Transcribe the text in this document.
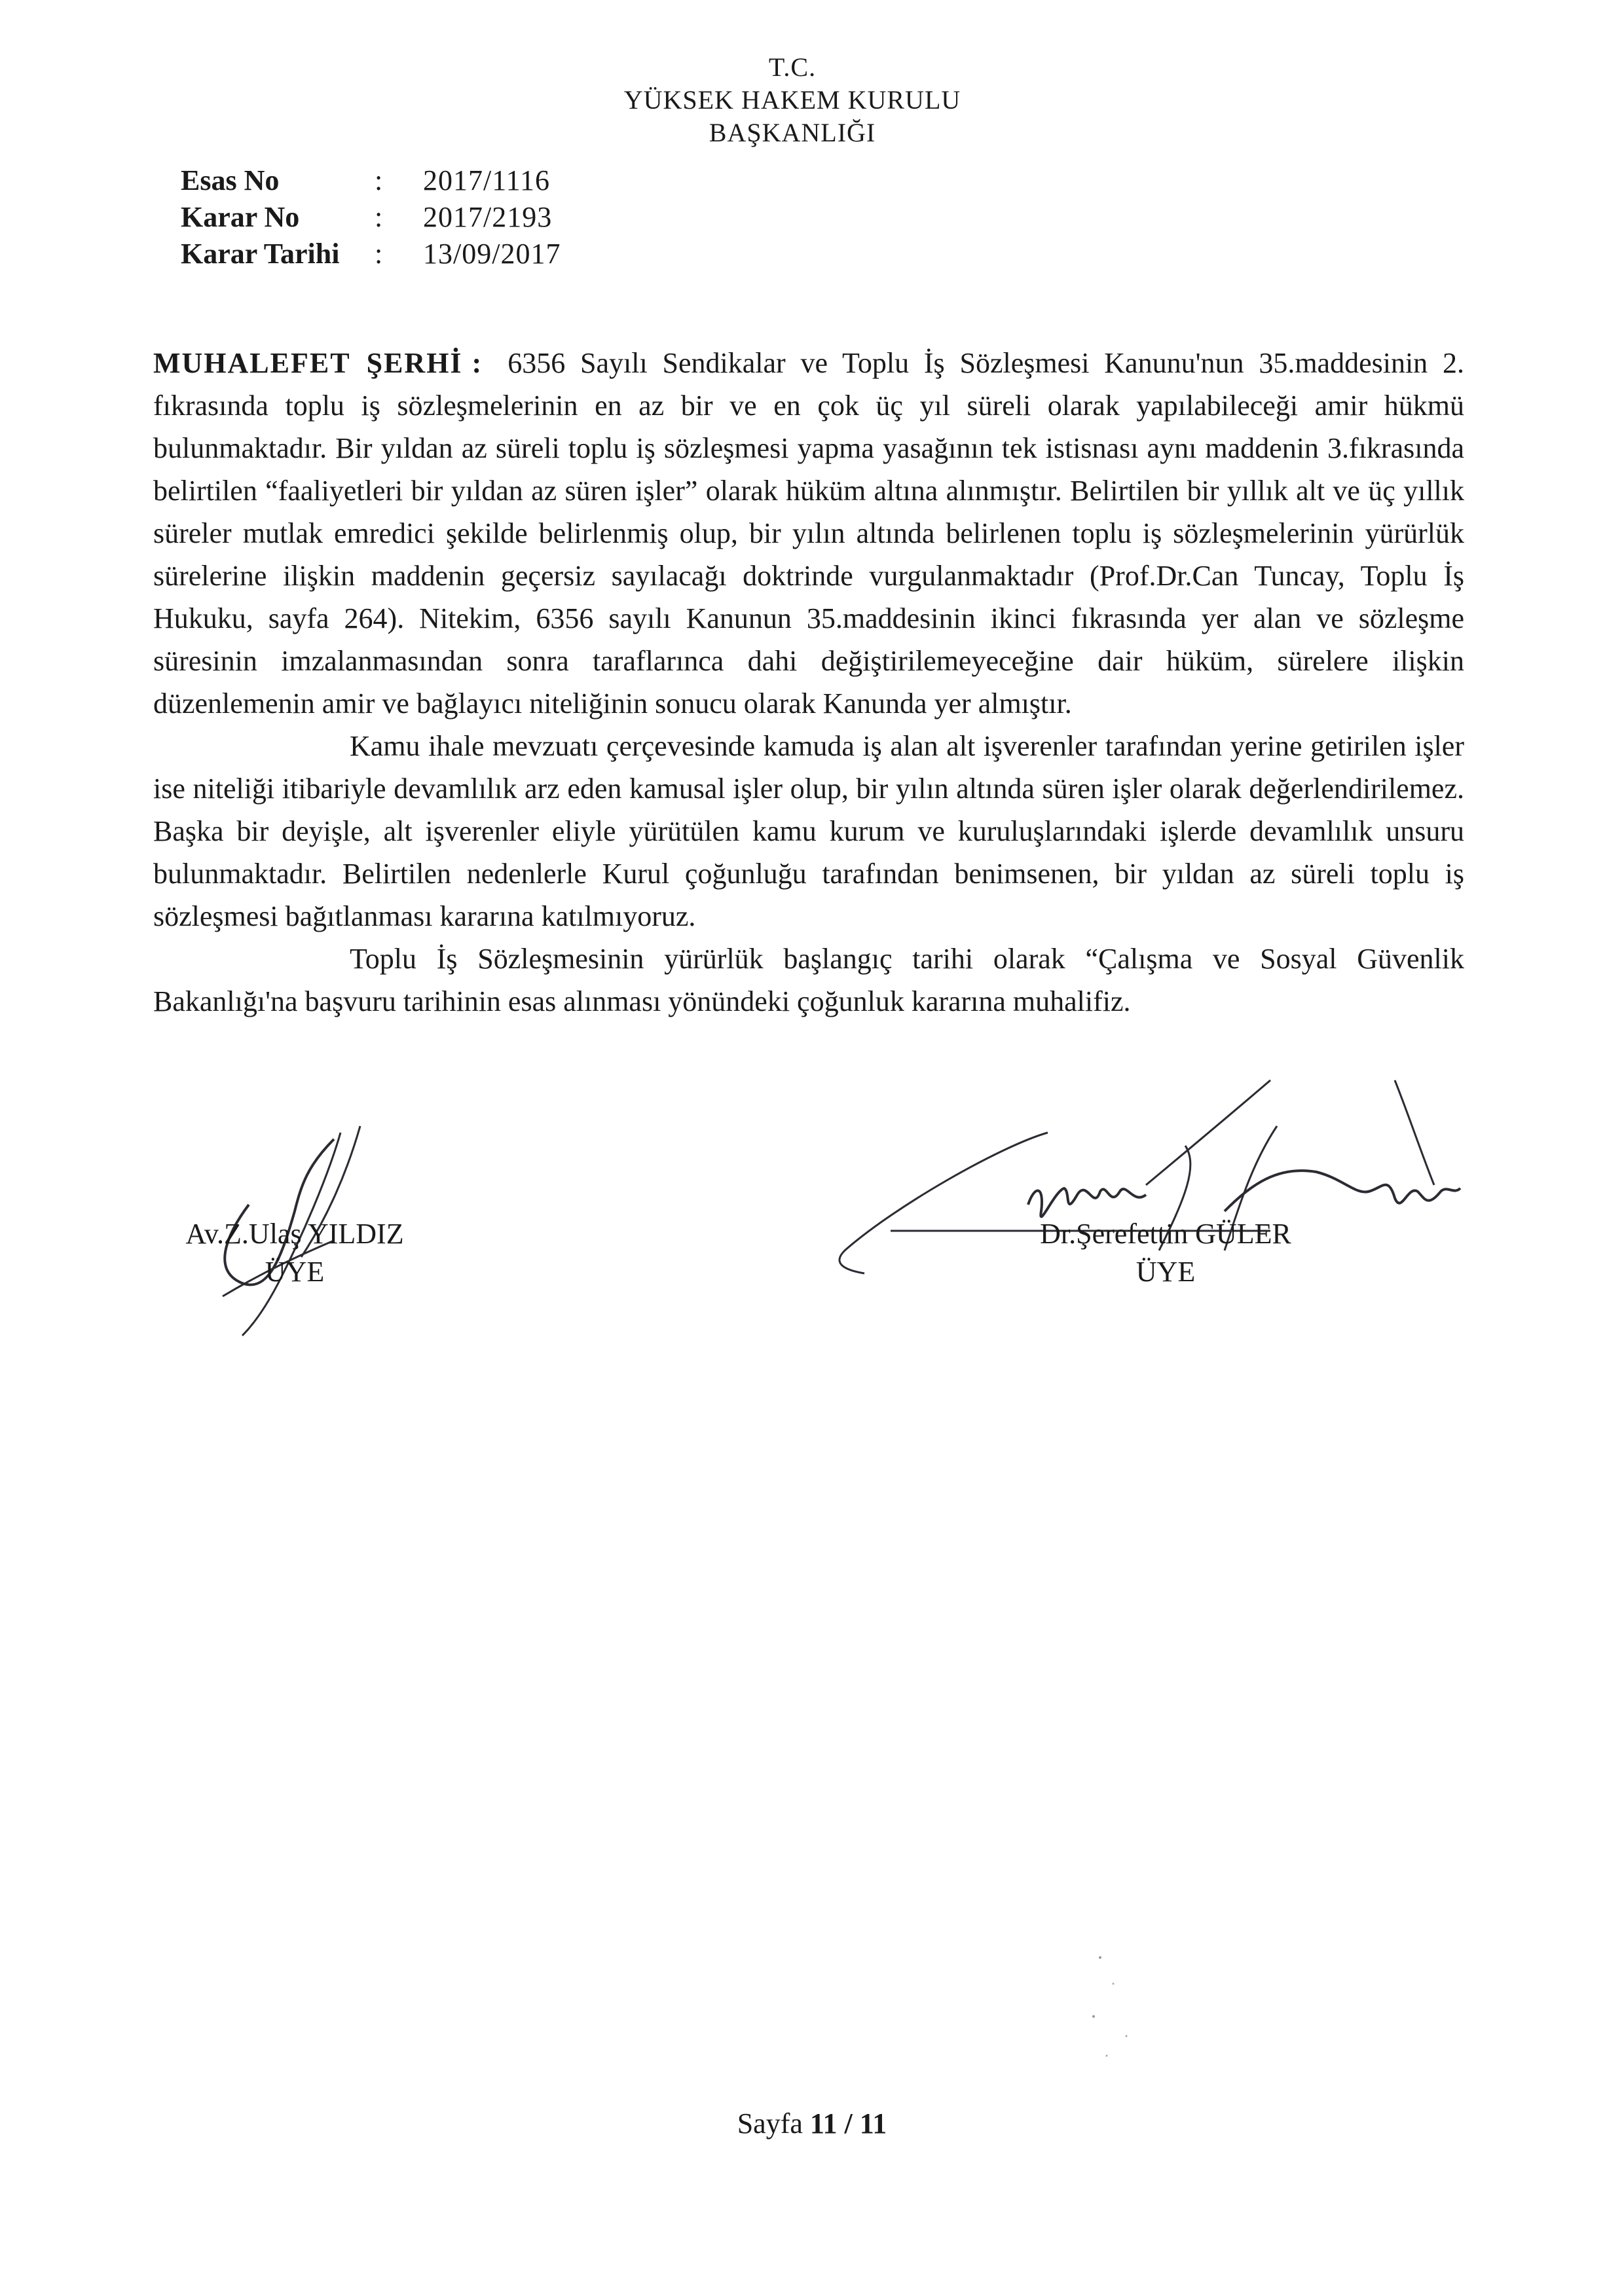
T.C.
YÜKSEK HAKEM KURULU
BAŞKANLIĞI
Esas No	:	2017/1116
Karar No	:	2017/2193
Karar Tarihi	:	13/09/2017

MUHALEFET ŞERHİ : 6356 Sayılı Sendikalar ve Toplu İş Sözleşmesi Kanunu'nun 35.maddesinin 2. fıkrasında toplu iş sözleşmelerinin en az bir ve en çok üç yıl süreli olarak yapılabileceği amir hükmü bulunmaktadır. Bir yıldan az süreli toplu iş sözleşmesi yapma yasağının tek istisnası aynı maddenin 3.fıkrasında belirtilen “faaliyetleri bir yıldan az süren işler” olarak hüküm altına alınmıştır. Belirtilen bir yıllık alt ve üç yıllık süreler mutlak emredici şekilde belirlenmiş olup, bir yılın altında belirlenen toplu iş sözleşmelerinin yürürlük sürelerine ilişkin maddenin geçersiz sayılacağı doktrinde vurgulanmaktadır (Prof.Dr.Can Tuncay, Toplu İş Hukuku, sayfa 264). Nitekim, 6356 sayılı Kanunun 35.maddesinin ikinci fıkrasında yer alan ve sözleşme süresinin imzalanmasından sonra taraflarınca dahi değiştirilemeyeceğine dair hüküm, sürelere ilişkin düzenlemenin amir ve bağlayıcı niteliğinin sonucu olarak Kanunda yer almıştır.

Kamu ihale mevzuatı çerçevesinde kamuda iş alan alt işverenler tarafından yerine getirilen işler ise niteliği itibariyle devamlılık arz eden kamusal işler olup, bir yılın altında süren işler olarak değerlendirilemez. Başka bir deyişle, alt işverenler eliyle yürütülen kamu kurum ve kuruluşlarındaki işlerde devamlılık unsuru bulunmaktadır. Belirtilen nedenlerle Kurul çoğunluğu tarafından benimsenen, bir yıldan az süreli toplu iş sözleşmesi bağıtlanması kararına katılmıyoruz.

Toplu İş Sözleşmesinin yürürlük başlangıç tarihi olarak “Çalışma ve Sosyal Güvenlik Bakanlığı'na başvuru tarihinin esas alınması yönündeki çoğunluk kararına muhalifiz.

Av.Z.Ulaş YILDIZ
ÜYE
Dr.Şerefettin GÜLER
ÜYE
Sayfa 11 / 11
